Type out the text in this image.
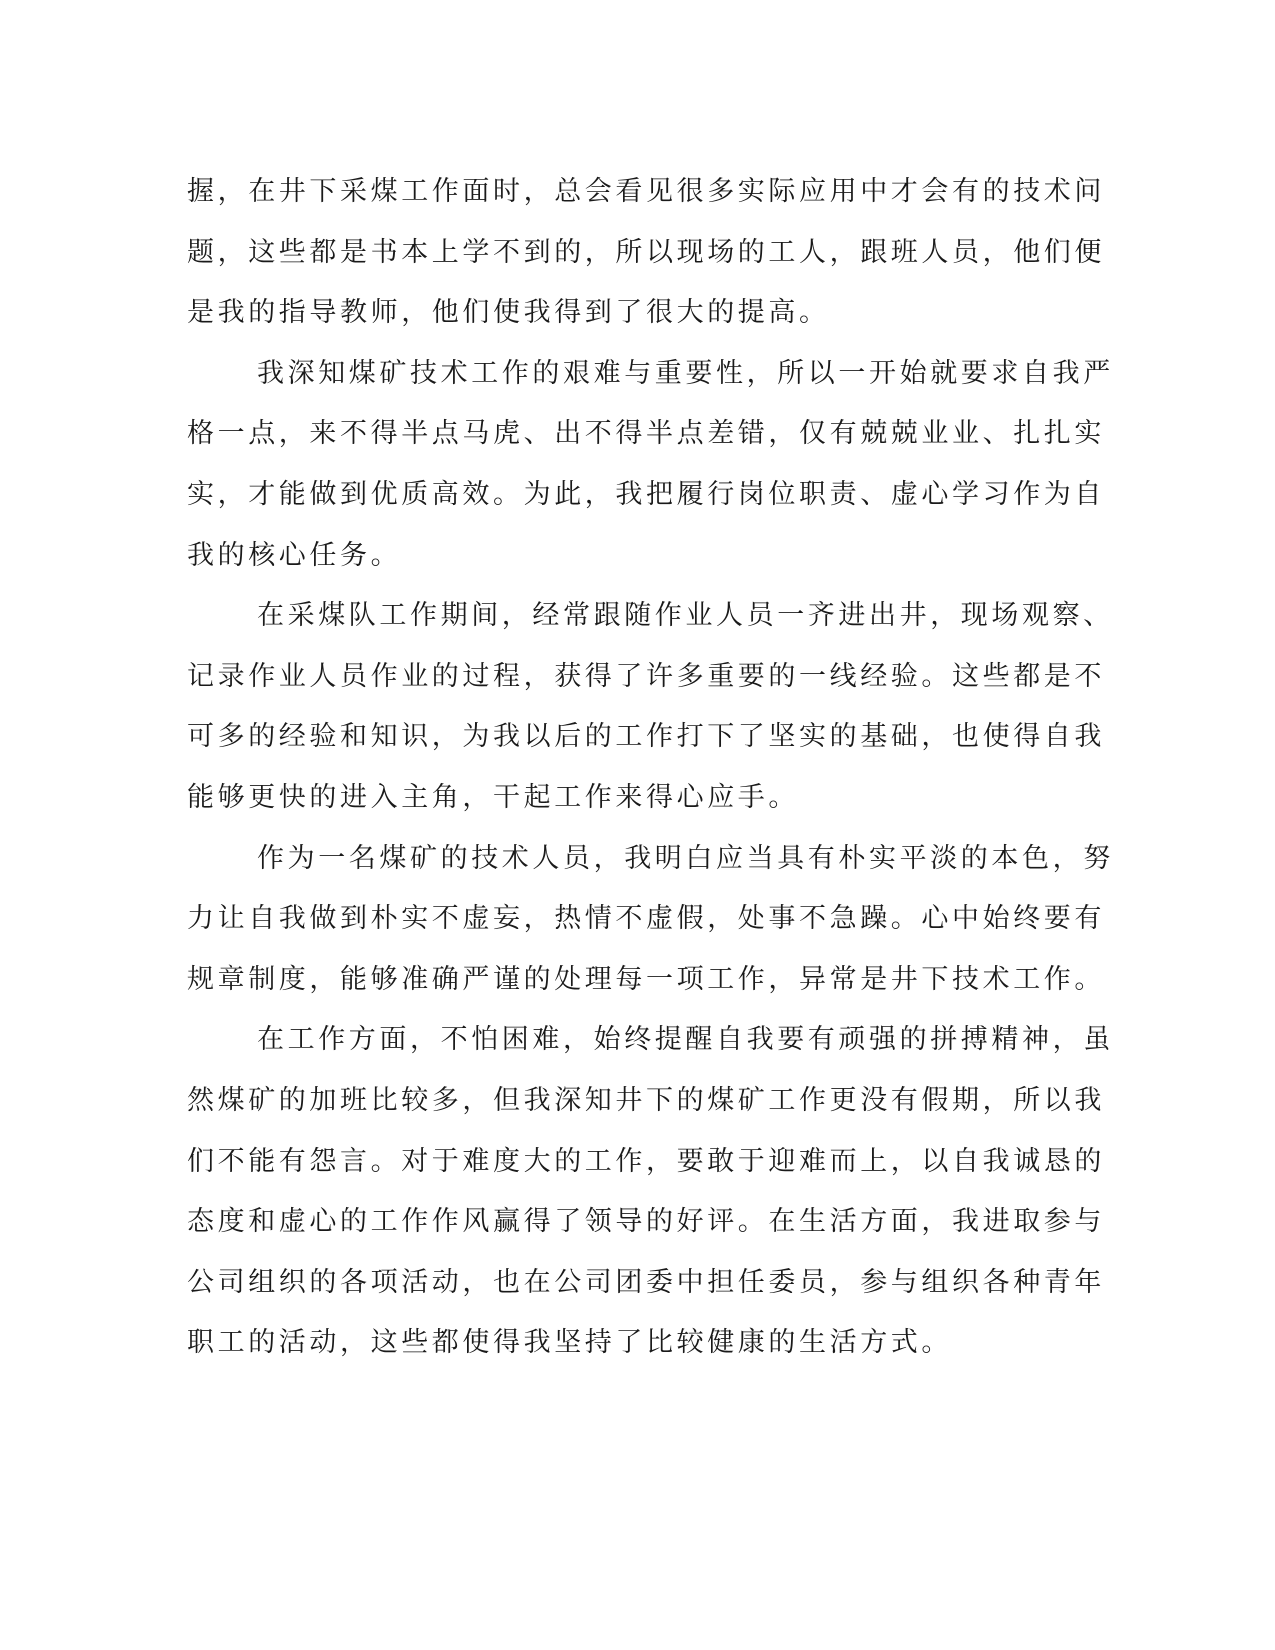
握，在井下采煤工作面时，总会看见很多实际应用中才会有的技术问
题，这些都是书本上学不到的，所以现场的工人，跟班人员，他们便
是我的指导教师，他们使我得到了很大的提高。
我深知煤矿技术工作的艰难与重要性，所以一开始就要求自我严
格一点，来不得半点马虎、出不得半点差错，仅有兢兢业业、扎扎实
实，才能做到优质高效。为此，我把履行岗位职责、虚心学习作为自
我的核心任务。
在采煤队工作期间，经常跟随作业人员一齐进出井，现场观察、
记录作业人员作业的过程，获得了许多重要的一线经验。这些都是不
可多的经验和知识，为我以后的工作打下了坚实的基础，也使得自我
能够更快的进入主角，干起工作来得心应手。
作为一名煤矿的技术人员，我明白应当具有朴实平淡的本色，努
力让自我做到朴实不虚妄，热情不虚假，处事不急躁。心中始终要有
规章制度，能够准确严谨的处理每一项工作，异常是井下技术工作。
在工作方面，不怕困难，始终提醒自我要有顽强的拼搏精神，虽
然煤矿的加班比较多，但我深知井下的煤矿工作更没有假期，所以我
们不能有怨言。对于难度大的工作，要敢于迎难而上，以自我诚恳的
态度和虚心的工作作风赢得了领导的好评。在生活方面，我进取参与
公司组织的各项活动，也在公司团委中担任委员，参与组织各种青年
职工的活动，这些都使得我坚持了比较健康的生活方式。
